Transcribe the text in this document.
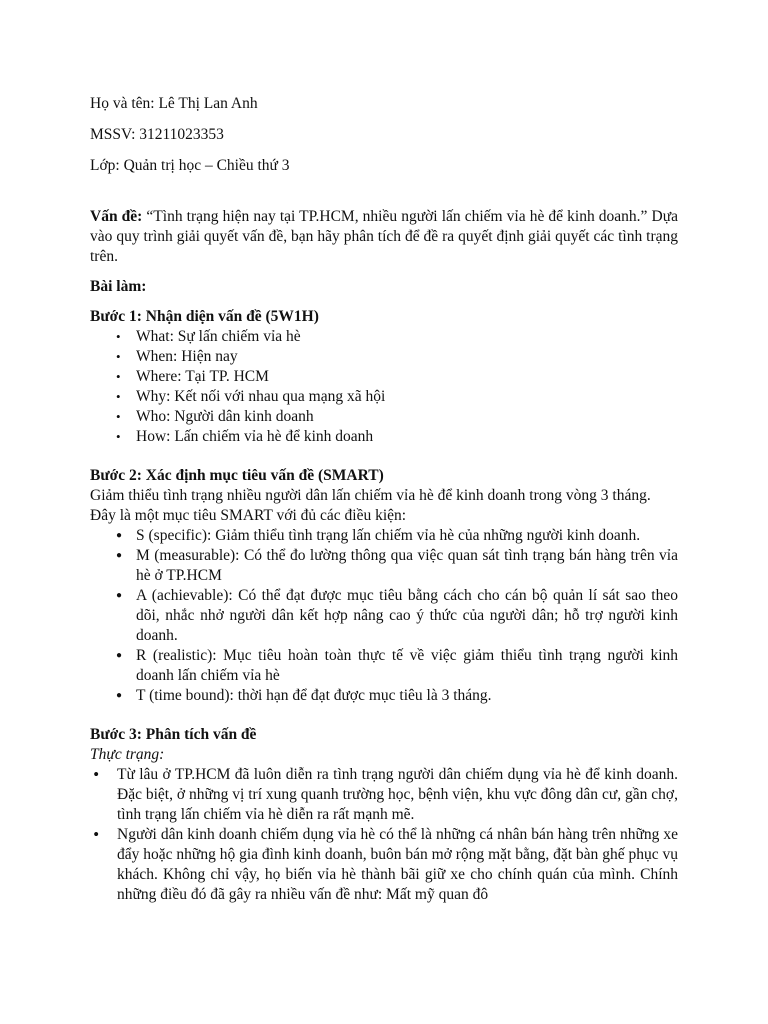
Họ và tên: Lê Thị Lan Anh

MSSV: 31211023353

Lớp: Quản trị học – Chiều thứ 3

Vấn đề: “Tình trạng hiện nay tại TP.HCM, nhiều người lấn chiếm vỉa hè để kinh doanh.” Dựa vào quy trình giải quyết vấn đề, bạn hãy phân tích để đề ra quyết định giải quyết các tình trạng trên.

Bài làm:

Bước 1: Nhận diện vấn đề (5W1H)

• What: Sự lấn chiếm vỉa hè
• When: Hiện nay
• Where: Tại TP. HCM
• Why: Kết nối với nhau qua mạng xã hội
• Who: Người dân kinh doanh
• How: Lấn chiếm vỉa hè để kinh doanh

Bước 2: Xác định mục tiêu vấn đề (SMART)

Giảm thiểu tình trạng nhiều người dân lấn chiếm vỉa hè để kinh doanh trong vòng 3 tháng.

Đây là một mục tiêu SMART với đủ các điều kiện:

● S (specific): Giảm thiểu tình trạng lấn chiếm vỉa hè của những người kinh doanh.
● M (measurable): Có thể đo lường thông qua việc quan sát tình trạng bán hàng trên vỉa hè ở TP.HCM
● A (achievable): Có thể đạt được mục tiêu bằng cách cho cán bộ quản lí sát sao theo dõi, nhắc nhở người dân kết hợp nâng cao ý thức của người dân; hỗ trợ người kinh doanh.
● R (realistic): Mục tiêu hoàn toàn thực tế về việc giảm thiểu tình trạng người kinh doanh lấn chiếm vỉa hè
● T (time bound): thời hạn để đạt được mục tiêu là 3 tháng.

Bước 3: Phân tích vấn đề

Thực trạng:

• Từ lâu ở TP.HCM đã luôn diễn ra tình trạng người dân chiếm dụng vỉa hè để kinh doanh. Đặc biệt, ở những vị trí xung quanh trường học, bệnh viện, khu vực đông dân cư, gần chợ, tình trạng lấn chiếm vỉa hè diễn ra rất mạnh mẽ.
• Người dân kinh doanh chiếm dụng vỉa hè có thể là những cá nhân bán hàng trên những xe đẩy hoặc những hộ gia đình kinh doanh, buôn bán mở rộng mặt bằng, đặt bàn ghế phục vụ khách. Không chỉ vậy, họ biến vỉa hè thành bãi giữ xe cho chính quán của mình. Chính những điều đó đã gây ra nhiều vấn đề như: Mất mỹ quan đô
